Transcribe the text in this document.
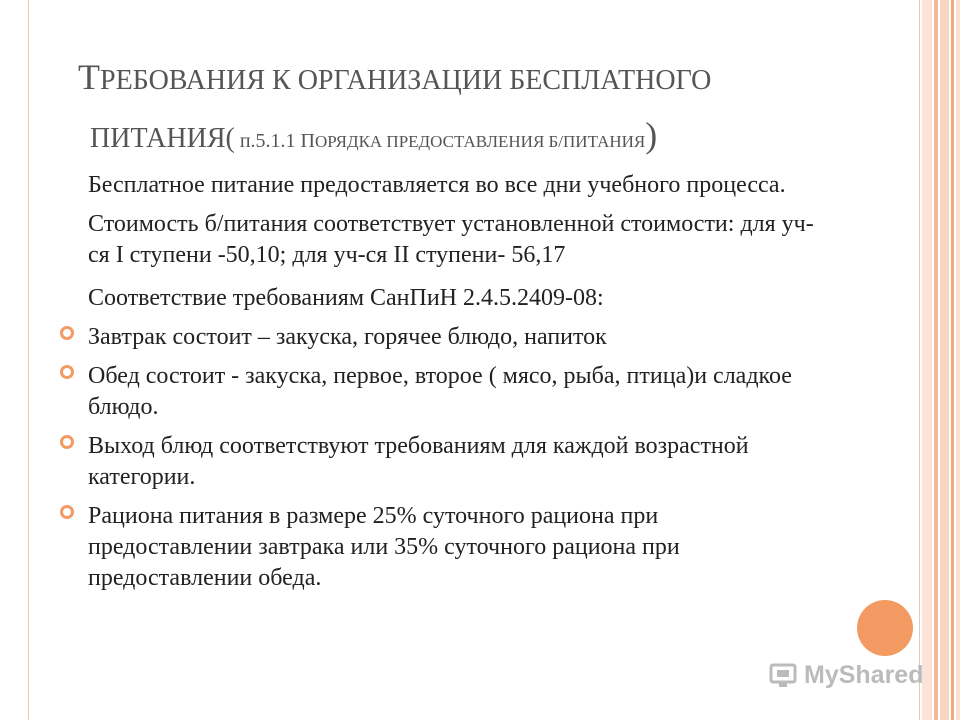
ТРЕБОВАНИЯ К ОРГАНИЗАЦИИ БЕСПЛАТНОГО
ПИТАНИЯ( п.5.1.1 ПОРЯДКА ПРЕДОСТАВЛЕНИЯ Б/ПИТАНИЯ)

Бесплатное питание предоставляется во все дни учебного процесса.

Стоимость б/питания соответствует установленной стоимости: для уч-ся I ступени -50,10; для уч-ся II ступени- 56,17

Соответствие требованиям СанПиН 2.4.5.2409-08:

Завтрак состоит – закуска, горячее блюдо, напиток
Обед состоит - закуска, первое, второе ( мясо, рыба, птица)и сладкое блюдо.
Выход блюд соответствуют требованиям для каждой возрастной категории.
Рациона питания в размере 25% суточного рациона при предоставлении завтрака или 35% суточного рациона при предоставлении обеда.
MyShared
